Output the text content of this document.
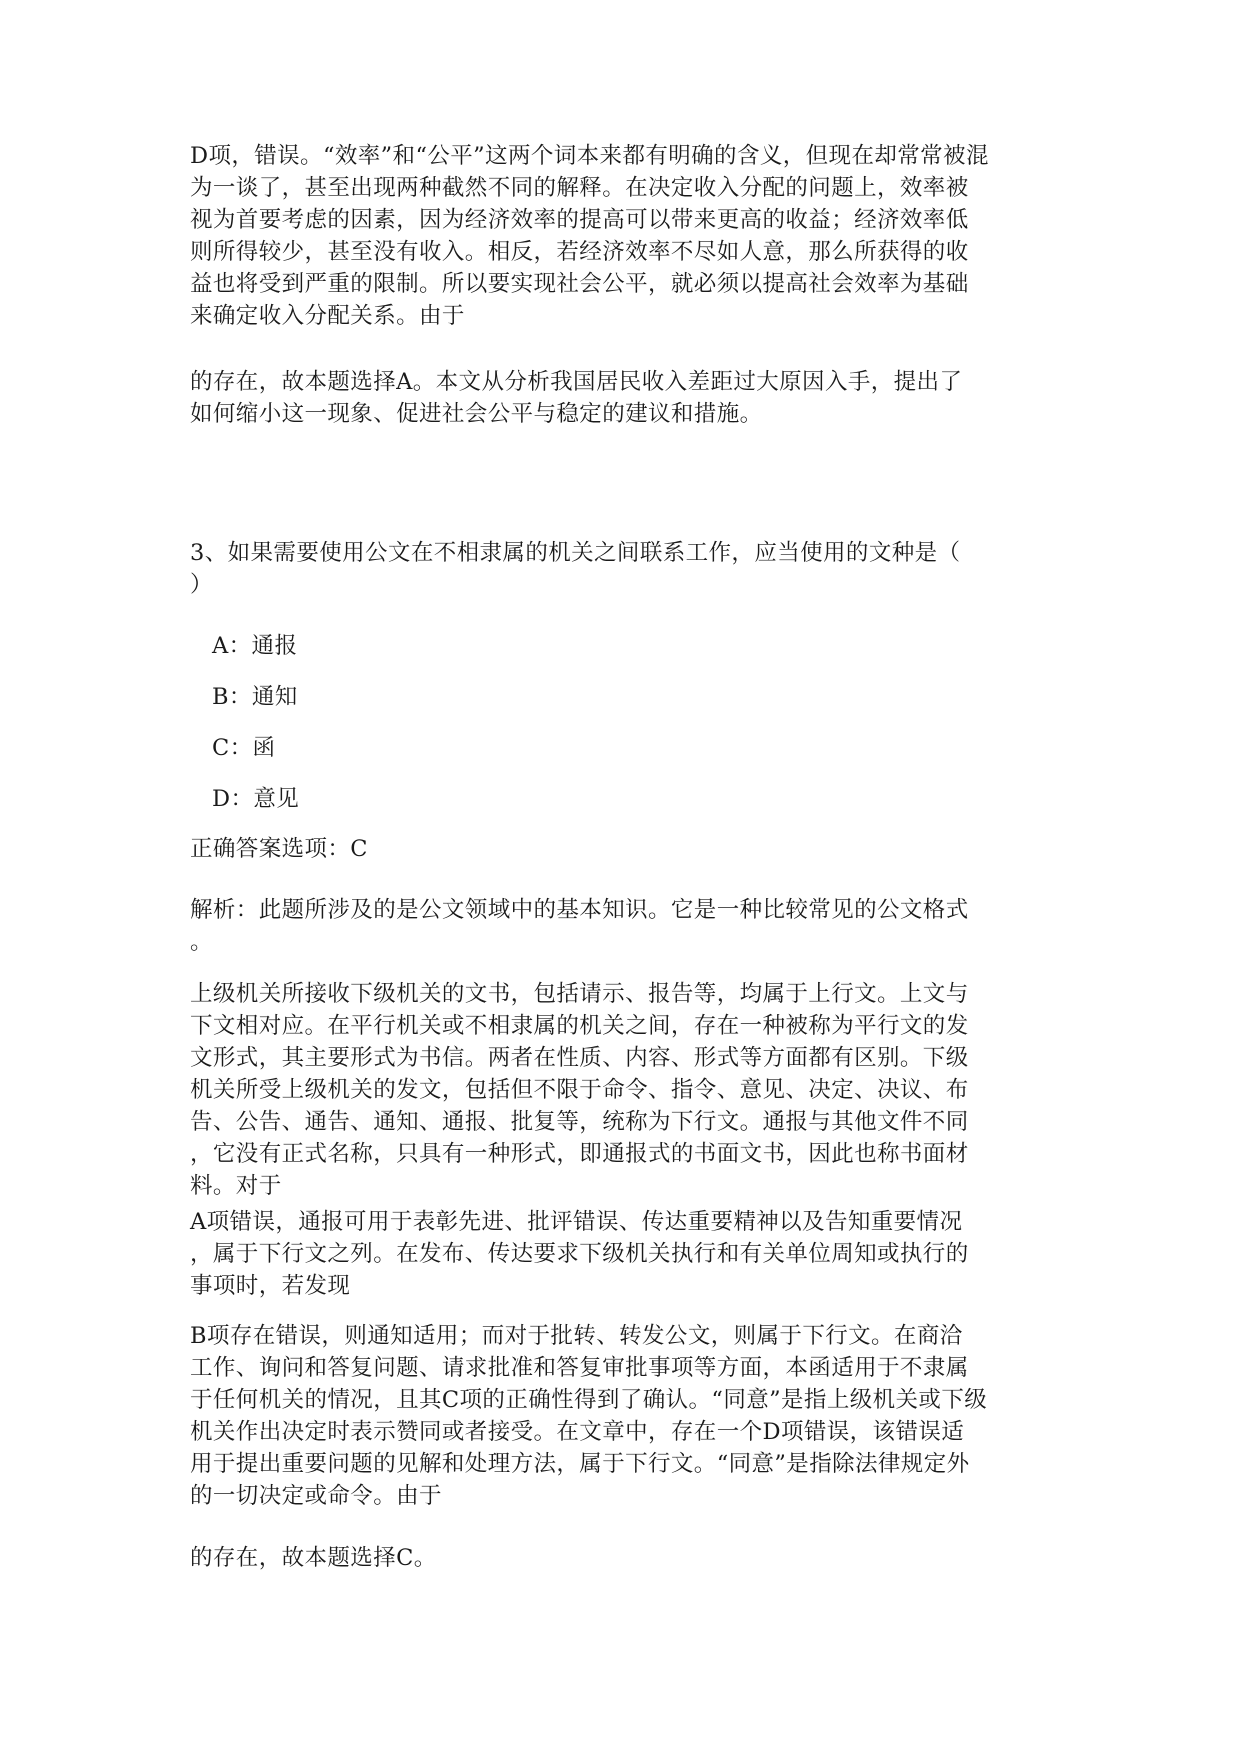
D项，错误。“效率”和“公平”这两个词本来都有明确的含义，但现在却常常被混
为一谈了，甚至出现两种截然不同的解释。在决定收入分配的问题上，效率被
视为首要考虑的因素，因为经济效率的提高可以带来更高的收益；经济效率低
则所得较少，甚至没有收入。相反，若经济效率不尽如人意，那么所获得的收
益也将受到严重的限制。所以要实现社会公平，就必须以提高社会效率为基础
来确定收入分配关系。由于

的存在，故本题选择A。本文从分析我国居民收入差距过大原因入手，提出了
如何缩小这一现象、促进社会公平与稳定的建议和措施。

3、如果需要使用公文在不相隶属的机关之间联系工作，应当使用的文种是（
）

A：通报

B：通知

C：函

D：意见

正确答案选项：C

解析：此题所涉及的是公文领域中的基本知识。它是一种比较常见的公文格式
。

上级机关所接收下级机关的文书，包括请示、报告等，均属于上行文。上文与
下文相对应。在平行机关或不相隶属的机关之间，存在一种被称为平行文的发
文形式，其主要形式为书信。两者在性质、内容、形式等方面都有区别。下级
机关所受上级机关的发文，包括但不限于命令、指令、意见、决定、决议、布
告、公告、通告、通知、通报、批复等，统称为下行文。通报与其他文件不同
，它没有正式名称，只具有一种形式，即通报式的书面文书，因此也称书面材
料。对于

A项错误，通报可用于表彰先进、批评错误、传达重要精神以及告知重要情况
，属于下行文之列。在发布、传达要求下级机关执行和有关单位周知或执行的
事项时，若发现

B项存在错误，则通知适用；而对于批转、转发公文，则属于下行文。在商洽
工作、询问和答复问题、请求批准和答复审批事项等方面，本函适用于不隶属
于任何机关的情况，且其C项的正确性得到了确认。“同意”是指上级机关或下级
机关作出决定时表示赞同或者接受。在文章中，存在一个D项错误，该错误适
用于提出重要问题的见解和处理方法，属于下行文。“同意”是指除法律规定外
的一切决定或命令。由于

的存在，故本题选择C。
